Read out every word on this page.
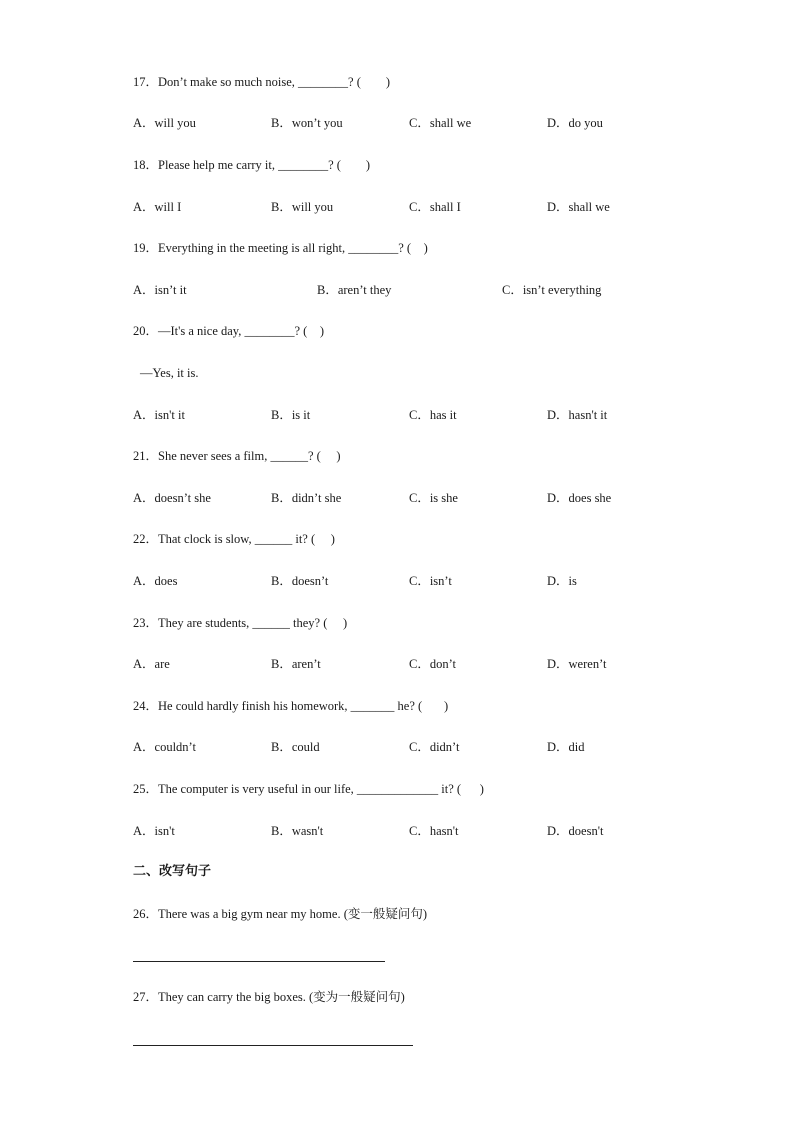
17．Don’t make so much noise, ________? (        )
A．will you	B．won’t you	C．shall we	D．do you
18．Please help me carry it, ________? (        )
A．will I	B．will you	C．shall I	D．shall we
19．Everything in the meeting is all right, ________? (    )
A．isn’t it	B．aren’t they	C．isn’t everything
20．—It's a nice day, ________? (    )
—Yes, it is.
A．isn't it	B．is it	C．has it	D．hasn't it
21．She never sees a film, ______? (     )
A．doesn’t she	B．didn’t she	C．is she	D．does she
22．That clock is slow, ______ it? (     )
A．does	B．doesn’t	C．isn’t	D．is
23．They are students, ______ they? (     )
A．are	B．aren’t	C．don’t	D．weren’t
24．He could hardly finish his homework, _______ he? (       )
A．couldn’t	B．could	C．didn’t	D．did
25．The computer is very useful in our life, _____________ it? (      )
A．isn't	B．wasn't	C．hasn't	D．doesn't
二、改写句子
26．There was a big gym near my home. (变一般疑问句)
27．They can carry the big boxes. (变为一般疑问句)
